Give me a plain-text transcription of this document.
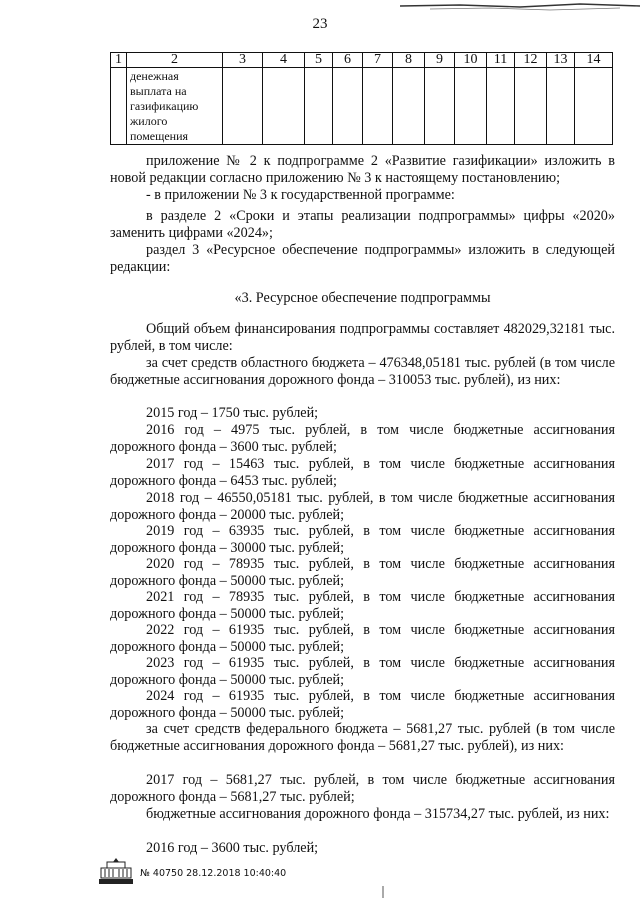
23
1	2	3	4	5	6	7	8	9	10	11	12	13	14

	денежная выплата на газификацию жилого помещения												

приложение № 2 к подпрограмме 2 «Развитие газификации» изложить в новой редакции согласно приложению № 3 к настоящему постановлению;

- в приложении № 3 к государственной программе:

в разделе 2 «Сроки и этапы реализации подпрограммы» цифры «2020» заменить цифрами «2024»;

раздел 3 «Ресурсное обеспечение подпрограммы» изложить в следующей редакции:

«3. Ресурсное обеспечение подпрограммы

Общий объем финансирования подпрограммы составляет 482029,32181 тыс. рублей, в том числе:

за счет средств областного бюджета – 476348,05181 тыс. рублей (в том числе бюджетные ассигнования дорожного фонда – 310053 тыс. рублей), из них:

2015 год – 1750 тыс. рублей;

2016 год – 4975 тыс. рублей, в том числе бюджетные ассигнования дорожного фонда – 3600 тыс. рублей;

2017 год – 15463 тыс. рублей, в том числе бюджетные ассигнования дорожного фонда – 6453 тыс. рублей;

2018 год – 46550,05181 тыс. рублей, в том числе бюджетные ассигнования дорожного фонда – 20000 тыс. рублей;

2019 год – 63935 тыс. рублей, в том числе бюджетные ассигнования дорожного фонда – 30000 тыс. рублей;

2020 год – 78935 тыс. рублей, в том числе бюджетные ассигнования дорожного фонда – 50000 тыс. рублей;

2021 год – 78935 тыс. рублей, в том числе бюджетные ассигнования дорожного фонда – 50000 тыс. рублей;

2022 год – 61935 тыс. рублей, в том числе бюджетные ассигнования дорожного фонда – 50000 тыс. рублей;

2023 год – 61935 тыс. рублей, в том числе бюджетные ассигнования дорожного фонда – 50000 тыс. рублей;

2024 год – 61935 тыс. рублей, в том числе бюджетные ассигнования дорожного фонда – 50000 тыс. рублей;

за счет средств федерального бюджета – 5681,27 тыс. рублей (в том числе бюджетные ассигнования дорожного фонда – 5681,27 тыс. рублей), из них:

2017 год – 5681,27 тыс. рублей, в том числе бюджетные ассигнования дорожного фонда – 5681,27 тыс. рублей;

бюджетные ассигнования дорожного фонда – 315734,27 тыс. рублей, из них:

2016 год – 3600 тыс. рублей;

№ 40750 28.12.2018 10:40:40
